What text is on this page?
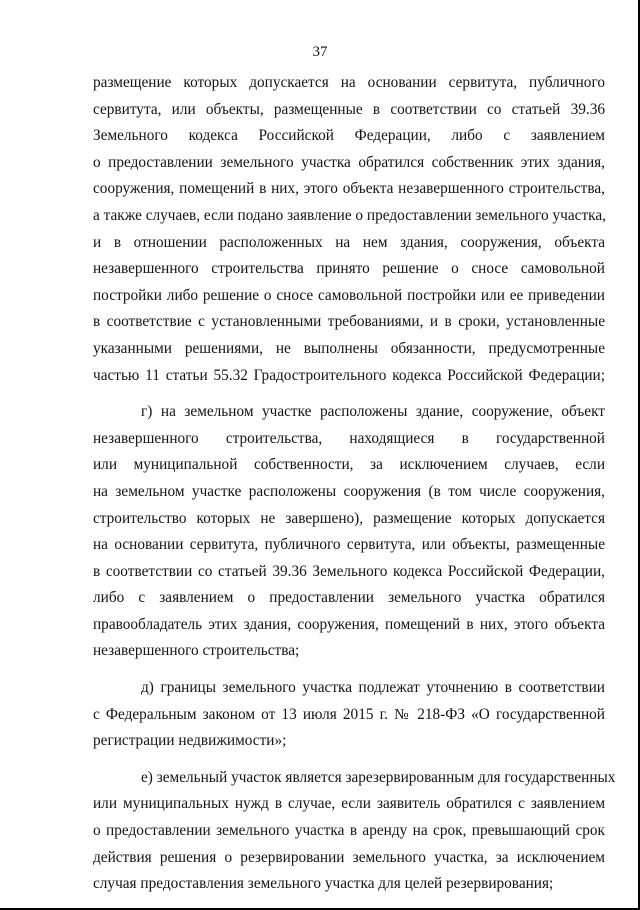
37
размещение которых допускается на основании сервитута, публичного
сервитута, или объекты, размещенные в соответствии со статьей 39.36
Земельного кодекса Российской Федерации, либо с заявлением
о предоставлении земельного участка обратился собственник этих здания,
сооружения, помещений в них, этого объекта незавершенного строительства,
а также случаев, если подано заявление о предоставлении земельного участка,
и в отношении расположенных на нем здания, сооружения, объекта
незавершенного строительства принято решение о сносе самовольной
постройки либо решение о сносе самовольной постройки или ее приведении
в соответствие с установленными требованиями, и в сроки, установленные
указанными решениями, не выполнены обязанности, предусмотренные
частью 11 статьи 55.32 Градостроительного кодекса Российской Федерации;
г) на земельном участке расположены здание, сооружение, объект
незавершенного строительства, находящиеся в государственной
или муниципальной собственности, за исключением случаев, если
на земельном участке расположены сооружения (в том числе сооружения,
строительство которых не завершено), размещение которых допускается
на основании сервитута, публичного сервитута, или объекты, размещенные
в соответствии со статьей 39.36 Земельного кодекса Российской Федерации,
либо с заявлением о предоставлении земельного участка обратился
правообладатель этих здания, сооружения, помещений в них, этого объекта
незавершенного строительства;
д) границы земельного участка подлежат уточнению в соответствии
с Федеральным законом от 13 июля 2015 г. № 218-ФЗ «О государственной
регистрации недвижимости»;
е) земельный участок является зарезервированным для государственных
или муниципальных нужд в случае, если заявитель обратился с заявлением
о предоставлении земельного участка в аренду на срок, превышающий срок
действия решения о резервировании земельного участка, за исключением
случая предоставления земельного участка для целей резервирования;
